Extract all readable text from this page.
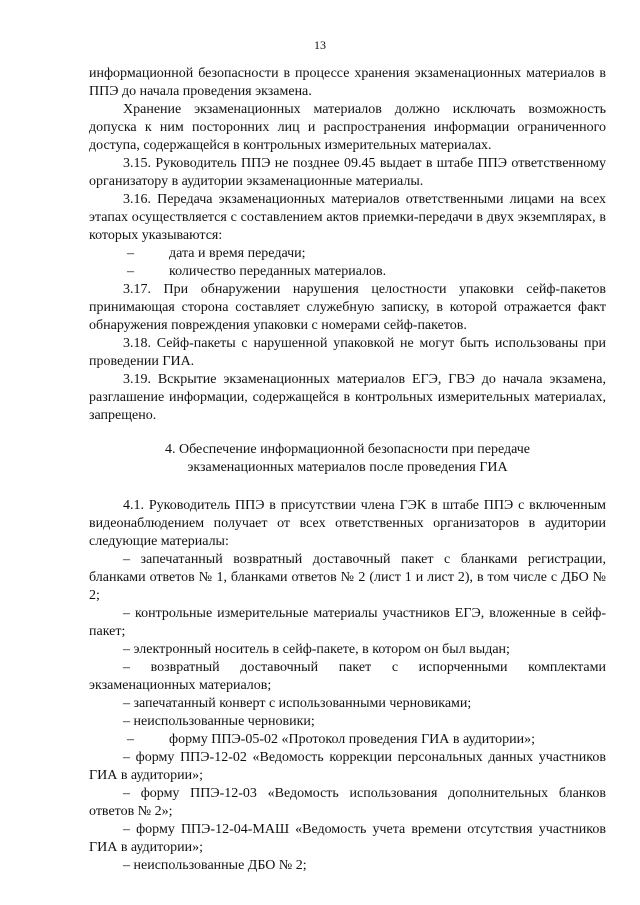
13

информационной безопасности в процессе хранения экзаменационных материалов в ППЭ до начала проведения экзамена.

Хранение экзаменационных материалов должно исключать возможность допуска к ним посторонних лиц и распространения информации ограниченного доступа, содержащейся в контрольных измерительных материалах.

3.15. Руководитель ППЭ не позднее 09.45 выдает в штабе ППЭ ответственному организатору в аудитории экзаменационные материалы.

3.16. Передача экзаменационных материалов ответственными лицами на всех этапах осуществляется с составлением актов приемки-передачи в двух экземплярах, в которых указываются:

–	дата и время передачи;
–	количество переданных материалов.

3.17. При обнаружении нарушения целостности упаковки сейф-пакетов принимающая сторона составляет служебную записку, в которой отражается факт обнаружения повреждения упаковки с номерами сейф-пакетов.

3.18. Сейф-пакеты с нарушенной упаковкой не могут быть использованы при проведении ГИА.

3.19. Вскрытие экзаменационных материалов ЕГЭ, ГВЭ до начала экзамена, разглашение информации, содержащейся в контрольных измерительных материалах, запрещено.

4. Обеспечение информационной безопасности при передаче
экзаменационных материалов после проведения ГИА

4.1. Руководитель ППЭ в присутствии члена ГЭК в штабе ППЭ с включенным видеонаблюдением получает от всех ответственных организаторов в аудитории следующие материалы:

– запечатанный возвратный доставочный пакет с бланками регистрации, бланками ответов № 1, бланками ответов № 2 (лист 1 и лист 2), в том числе с ДБО № 2;

– контрольные измерительные материалы участников ЕГЭ, вложенные в сейф-пакет;

– электронный носитель в сейф-пакете, в котором он был выдан;

– возвратный доставочный пакет с испорченными комплектами экзаменационных материалов;

– запечатанный конверт с использованными черновиками;

– неиспользованные черновики;

–	форму ППЭ-05-02 «Протокол проведения ГИА в аудитории»;

– форму ППЭ-12-02 «Ведомость коррекции персональных данных участников ГИА в аудитории»;

– форму ППЭ-12-03 «Ведомость использования дополнительных бланков ответов № 2»;

– форму ППЭ-12-04-МАШ «Ведомость учета времени отсутствия участников ГИА в аудитории»;

– неиспользованные ДБО № 2;
